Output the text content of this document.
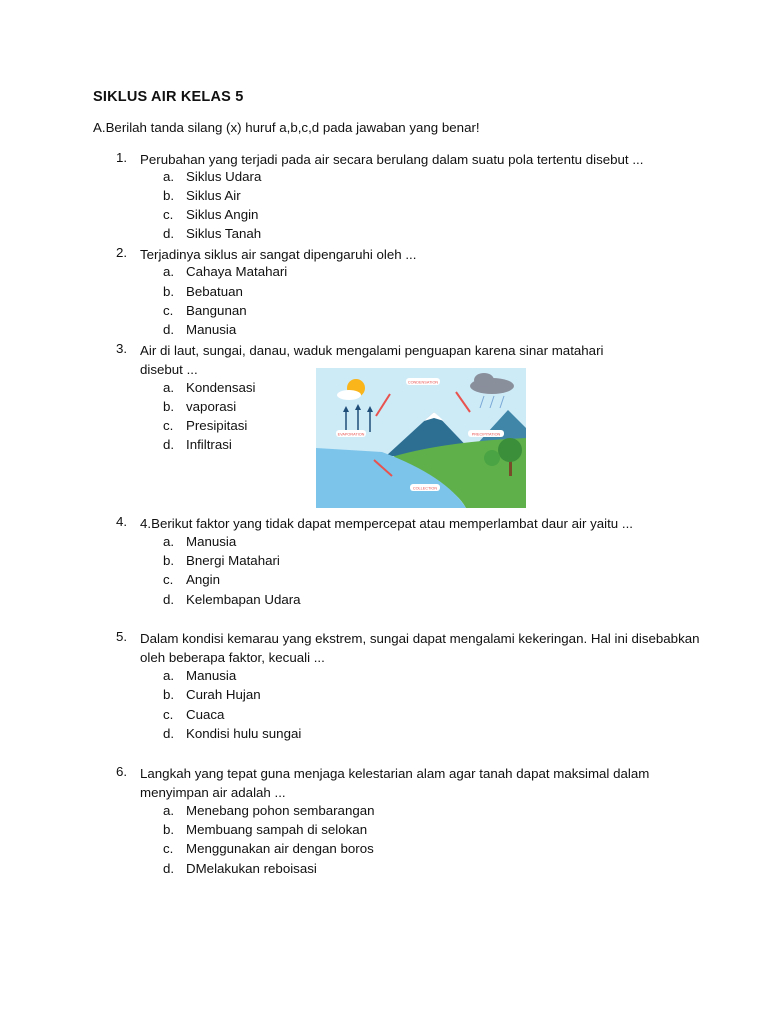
SIKLUS AIR KELAS 5
A.Berilah tanda silang (x) huruf a,b,c,d pada jawaban yang benar!
1. Perubahan yang terjadi pada air secara berulang dalam suatu pola tertentu disebut ...
a. Siklus Udara
b. Siklus Air
c. Siklus Angin
d. Siklus Tanah
2. Terjadinya siklus air sangat dipengaruhi oleh ...
a. Cahaya Matahari
b. Bebatuan
c. Bangunan
d. Manusia
3. Air di laut, sungai, danau, waduk mengalami penguapan karena sinar matahari disebut ...
a. Kondensasi
b. vaporasi
c. Presipitasi
d. Infiltrasi
CONDENSATION
EVAPORATION	PRECIPITATION
COLLECTION
4. 4.Berikut faktor yang tidak dapat mempercepat atau memperlambat daur air yaitu ...
a. Manusia
b. Bnergi Matahari
c. Angin
d. Kelembapan Udara
5. Dalam kondisi kemarau yang ekstrem, sungai dapat mengalami kekeringan. Hal ini disebabkan oleh beberapa faktor, kecuali ...
a. Manusia
b. Curah Hujan
c. Cuaca
d. Kondisi hulu sungai
6. Langkah yang tepat guna menjaga kelestarian alam agar tanah dapat maksimal dalam menyimpan air adalah ...
a. Menebang pohon sembarangan
b. Membuang sampah di selokan
c. Menggunakan air dengan boros
d. DMelakukan reboisasi
